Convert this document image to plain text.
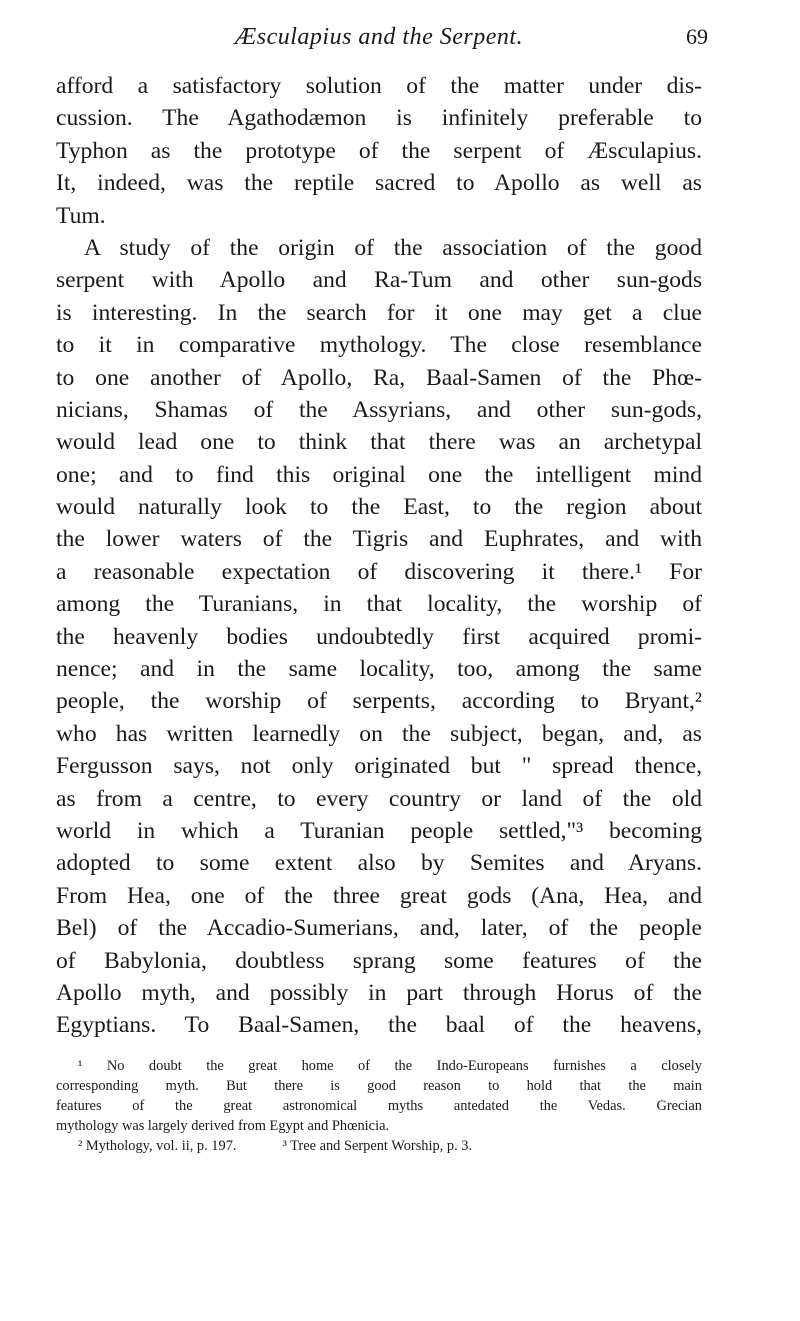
Æsculapius and the Serpent.	69
afford a satisfactory solution of the matter under dis-
cussion. The Agathodæmon is infinitely preferable to
Typhon as the prototype of the serpent of Æsculapius.
It, indeed, was the reptile sacred to Apollo as well as
Tum.
A study of the origin of the association of the good
serpent with Apollo and Ra-Tum and other sun-gods
is interesting. In the search for it one may get a clue
to it in comparative mythology. The close resemblance
to one another of Apollo, Ra, Baal-Samen of the Phœ-
nicians, Shamas of the Assyrians, and other sun-gods,
would lead one to think that there was an archetypal
one; and to find this original one the intelligent mind
would naturally look to the East, to the region about
the lower waters of the Tigris and Euphrates, and with
a reasonable expectation of discovering it there.¹ For
among the Turanians, in that locality, the worship of
the heavenly bodies undoubtedly first acquired promi-
nence; and in the same locality, too, among the same
people, the worship of serpents, according to Bryant,²
who has written learnedly on the subject, began, and, as
Fergusson says, not only originated but " spread thence,
as from a centre, to every country or land of the old
world in which a Turanian people settled,"³ becoming
adopted to some extent also by Semites and Aryans.
From Hea, one of the three great gods (Ana, Hea, and
Bel) of the Accadio-Sumerians, and, later, of the people
of Babylonia, doubtless sprang some features of the
Apollo myth, and possibly in part through Horus of the
Egyptians. To Baal-Samen, the baal of the heavens,
¹ No doubt the great home of the Indo-Europeans furnishes a closely
corresponding myth. But there is good reason to hold that the main
features of the great astronomical myths antedated the Vedas. Grecian
mythology was largely derived from Egypt and Phœnicia.
² Mythology, vol. ii, p. 197.	³ Tree and Serpent Worship, p. 3.
